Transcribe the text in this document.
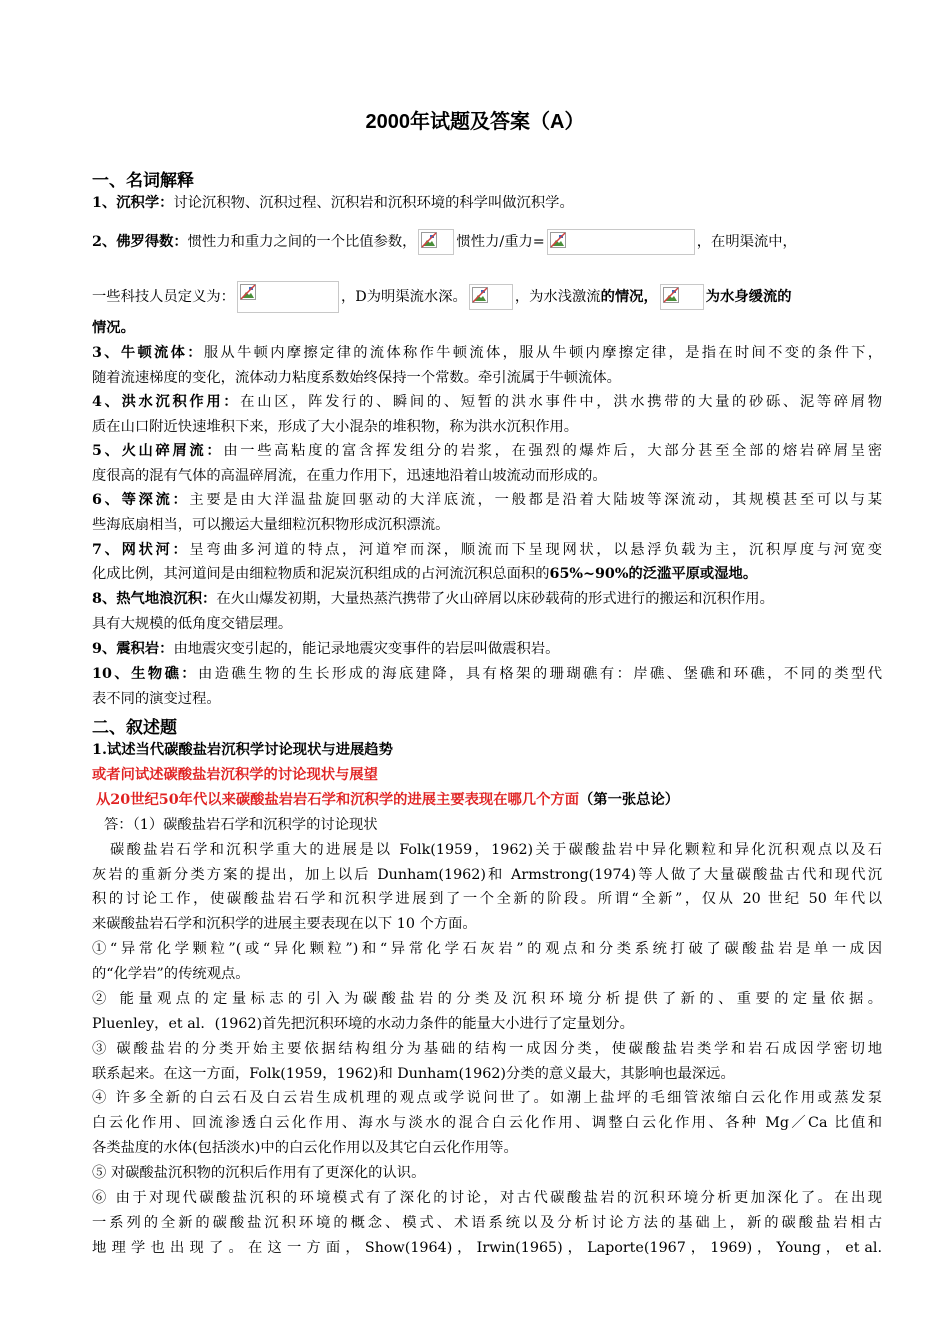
2000年试题及答案（A）
一、名词解释
1、沉积学：讨论沉积物、沉积过程、沉积岩和沉积环境的科学叫做沉积学。
2、佛罗得数：惯性力和重力之间的一个比值参数，	惯性力/重力=	，在明渠流中，
一些科技人员定义为：	，D为明渠流水深。	，为水浅激流的情况，	为水身缓流的
情况。
3、牛顿流体：服从牛顿内摩擦定律的流体称作牛顿流体，服从牛顿内摩擦定律，是指在时间不变的条件下，
随着流速梯度的变化，流体动力粘度系数始终保持一个常数。牵引流属于牛顿流体。
4、洪水沉积作用：在山区，阵发行的、瞬间的、短暂的洪水事件中，洪水携带的大量的砂砾、泥等碎屑物
质在山口附近快速堆积下来，形成了大小混杂的堆积物，称为洪水沉积作用。
5、火山碎屑流：由一些高粘度的富含挥发组分的岩浆，在强烈的爆炸后，大部分甚至全部的熔岩碎屑呈密
度很高的混有气体的高温碎屑流，在重力作用下，迅速地沿着山坡流动而形成的。
6、等深流：主要是由大洋温盐旋回驱动的大洋底流，一般都是沿着大陆坡等深流动，其规模甚至可以与某
些海底扇相当，可以搬运大量细粒沉积物形成沉积漂流。
7、网状河：呈弯曲多河道的特点，河道窄而深，顺流而下呈现网状，以悬浮负载为主，沉积厚度与河宽变
化成比例，其河道间是由细粒物质和泥炭沉积组成的占河流沉积总面积的65%~90%的泛滥平原或湿地。
8、热气地浪沉积：在火山爆发初期，大量热蒸汽携带了火山碎屑以床砂载荷的形式进行的搬运和沉积作用。
具有大规模的低角度交错层理。
9、震积岩：由地震灾变引起的，能记录地震灾变事件的岩层叫做震积岩。
10、生物礁：由造礁生物的生长形成的海底建降，具有格架的珊瑚礁有：岸礁、堡礁和环礁，不同的类型代
表不同的演变过程。
二、叙述题
1.试述当代碳酸盐岩沉积学讨论现状与进展趋势
或者问试述碳酸盐岩沉积学的讨论现状与展望
从20世纪50年代以来碳酸盐岩岩石学和沉积学的进展主要表现在哪几个方面（第一张总论）
答：（1）碳酸盐岩石学和沉积学的讨论现状
碳酸盐岩石学和沉积学重大的进展是以 Folk(1959，1962)关于碳酸盐岩中异化颗粒和异化沉积观点以及石
灰岩的重新分类方案的提出，加上以后 Dunham(1962)和 Armstrong(1974)等人做了大量碳酸盐古代和现代沉
积的讨论工作，使碳酸盐岩石学和沉积学进展到了一个全新的阶段。所谓“全新”，仅从 20 世纪 50 年代以
来碳酸盐岩石学和沉积学的进展主要表现在以下 10 个方面。
①“异常化学颗粒”(或“异化颗粒”)和“异常化学石灰岩”的观点和分类系统打破了碳酸盐岩是单一成因
的“化学岩”的传统观点。
② 能量观点的定量标志的引入为碳酸盐岩的分类及沉积环境分析提供了新的、重要的定量依据。
Pluenley，et al．(1962)首先把沉积环境的水动力条件的能量大小进行了定量划分。
③ 碳酸盐岩的分类开始主要依据结构组分为基础的结构一成因分类，使碳酸盐岩类学和岩石成因学密切地
联系起来。在这一方面，Folk(1959，1962)和 Dunham(1962)分类的意义最大，其影响也最深远。
④ 许多全新的白云石及白云岩生成机理的观点或学说问世了。如潮上盐坪的毛细管浓缩白云化作用或蒸发泵
白云化作用、回流渗透白云化作用、海水与淡水的混合白云化作用、调整白云化作用、各种 Mg／Ca 比值和
各类盐度的水体(包括淡水)中的白云化作用以及其它白云化作用等。
⑤ 对碳酸盐沉积物的沉积后作用有了更深化的认识。
⑥ 由于对现代碳酸盐沉积的环境模式有了深化的讨论，对古代碳酸盐岩的沉积环境分析更加深化了。在出现
一系列的全新的碳酸盐沉积环境的概念、模式、术语系统以及分析讨论方法的基础上，新的碳酸盐岩相古
地 理 学 也 出 现 了 。 在 这 一 方 面 ， Show(1964) ， Irwin(1965) ， Laporte(1967 ， 1969) ， Young ， et al.
